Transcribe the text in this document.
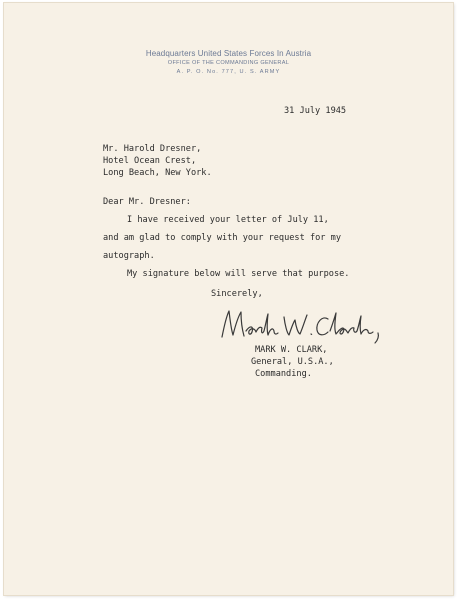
Headquarters United States Forces In Austria
OFFICE OF THE COMMANDING GENERAL
A. P. O. No. 777, U. S. ARMY
31 July 1945
Mr. Harold Dresner,
Hotel Ocean Crest,
Long Beach, New York.
Dear Mr. Dresner:
I have received your letter of July 11,
and am glad to comply with your request for my
autograph.
My signature below will serve that purpose.
Sincerely,
MARK W. CLARK,
General, U.S.A.,
Commanding.
